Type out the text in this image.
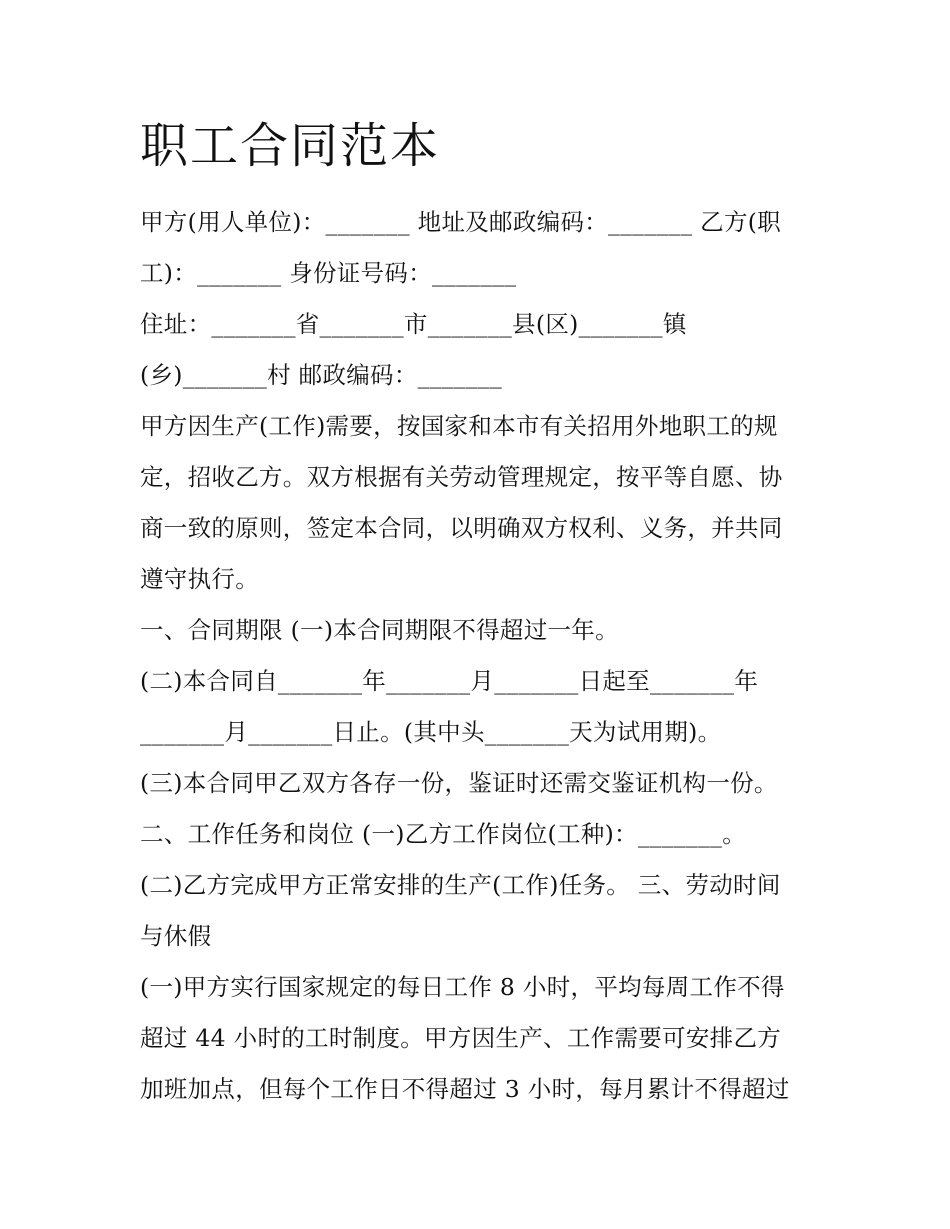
职工合同范本
甲方(用人单位)：_______ 地址及邮政编码：_______ 乙方(职
工)：_______ 身份证号码：_______
住址：_______省_______市_______县(区)_______镇
(乡)_______村 邮政编码：_______
甲方因生产(工作)需要，按国家和本市有关招用外地职工的规
定，招收乙方。双方根据有关劳动管理规定，按平等自愿、协
商一致的原则，签定本合同，以明确双方权利、义务，并共同
遵守执行。
一、合同期限 (一)本合同期限不得超过一年。
(二)本合同自_______年_______月_______日起至_______年
_______月_______日止。(其中头_______天为试用期)。
(三)本合同甲乙双方各存一份，鉴证时还需交鉴证机构一份。
二、工作任务和岗位 (一)乙方工作岗位(工种)：_______。
(二)乙方完成甲方正常安排的生产(工作)任务。 三、劳动时间
与休假
(一)甲方实行国家规定的每日工作 8 小时，平均每周工作不得
超过 44 小时的工时制度。甲方因生产、工作需要可安排乙方
加班加点，但每个工作日不得超过 3 小时，每月累计不得超过
